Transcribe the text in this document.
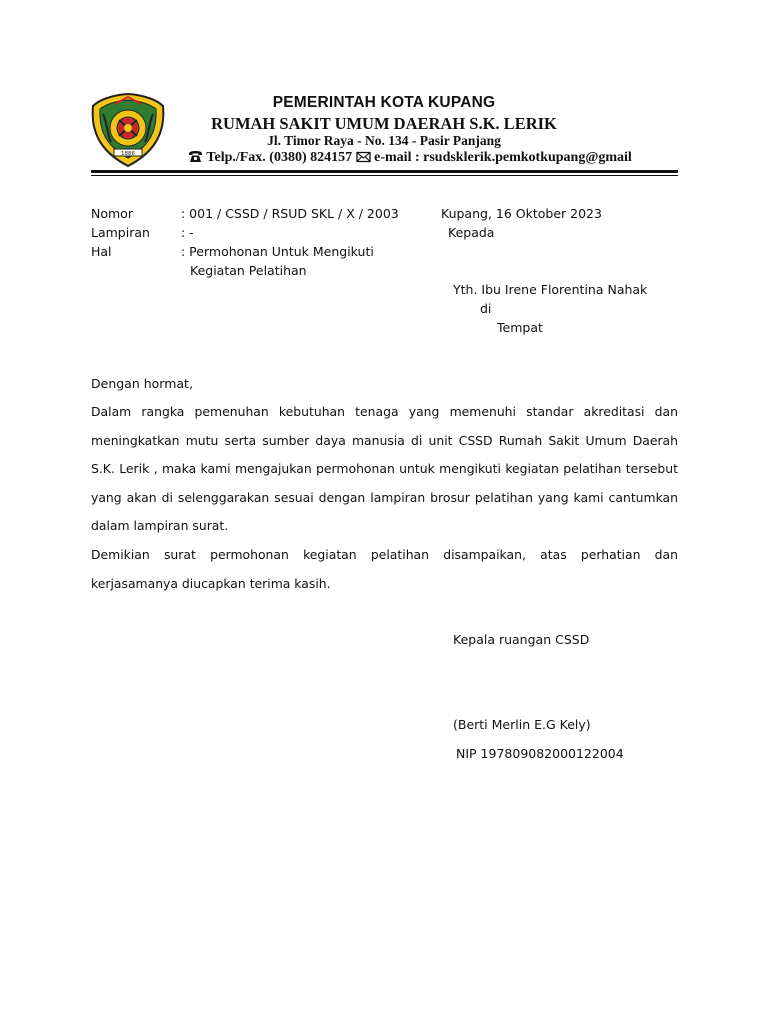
1886
PEMERINTAH KOTA KUPANG
RUMAH SAKIT UMUM DAERAH S.K. LERIK
Jl. Timor Raya - No. 134 - Pasir Panjang
Telp./Fax. (0380) 824157 e-mail : rsudsklerik.pemkotkupang@gmail
Nomor	: 001 / CSSD / RSUD SKL / X / 2003
Lampiran : -
Hal	: Permohonan Untuk Mengikuti
Kegiatan Pelatihan
Kupang, 16 Oktober 2023
Kepada
Yth. Ibu Irene Florentina Nahak
di
Tempat
Dengan hormat,
Dalam rangka pemenuhan kebutuhan tenaga yang memenuhi standar akreditasi dan meningkatkan mutu serta sumber daya manusia di unit CSSD Rumah Sakit Umum Daerah S.K. Lerik , maka kami mengajukan permohonan untuk mengikuti kegiatan pelatihan tersebut yang akan di selenggarakan sesuai dengan lampiran brosur pelatihan yang kami cantumkan dalam lampiran surat.
Demikian surat permohonan kegiatan pelatihan disampaikan, atas perhatian dan kerjasamanya diucapkan terima kasih.
Kepala ruangan CSSD
(Berti Merlin E.G Kely)
NIP 197809082000122004
